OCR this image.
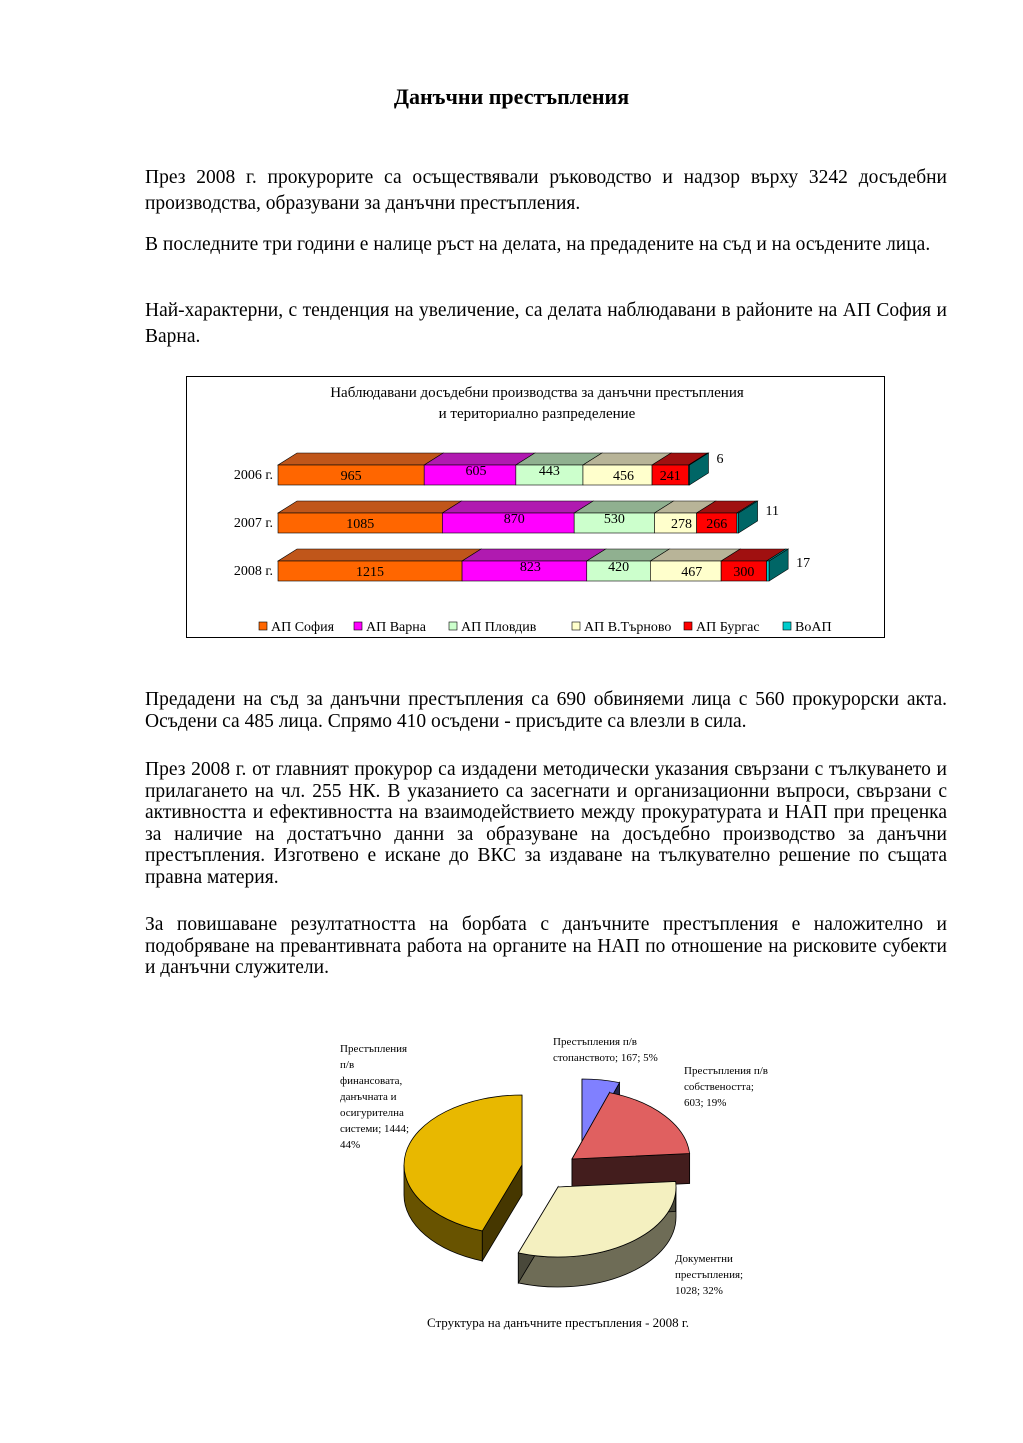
Данъчни престъпления

През 2008 г. прокурорите са осъществявали ръководство и надзор върху 3242 досъдебни производства, образувани за данъчни престъпления.

В последните три години е налице ръст на делата, на предадените на съд и на осъдените лица.

Най-характерни, с тенденция на увеличение, са делата наблюдавани в районите на АП София и Варна.

Наблюдавани досъдебни производства за данъчни престъпления
и териториално разпределение
2006 г.	965	605	443	456 241
6
2007 г.	1085	870	530	278 266
11
2008 г.	1215	823	420	467 300
17
АП София АП Варна	АП Пловдив	АП В.Търново АП Бургас	ВоАП

Предадени на съд за данъчни престъпления са 690 обвиняеми лица с 560 прокурорски акта. Осъдени са 485 лица. Спрямо 410 осъдени - присъдите са влезли в сила.

През 2008 г. от главният прокурор са издадени методически указания свързани с тълкуването и прилагането на чл. 255 НК. В указанието са засегнати и организационни въпроси, свързани с активността и ефективността на взаимодействието между прокуратурата и НАП при преценка за наличие на достатъчно данни за образуване на досъдебно производство за данъчни престъпления. Изготвено е искане до ВКС за издаване на тълкувателно решение по същата правна материя.

За повишаване резултатността на борбата с данъчните престъпления е наложително и подобряване на превантивната работа на органите на НАП по отношение на рисковите субекти и данъчни служители.

Престъпления п/в стопанството; 167; 5%
Престъпления п/в собствеността; 603; 19%
Документни престъпления; 1028; 32%
Престъпления п/в финансовата, данъчната и осигурителна системи; 1444; 44%
Структура на данъчните престъпления - 2008 г.
